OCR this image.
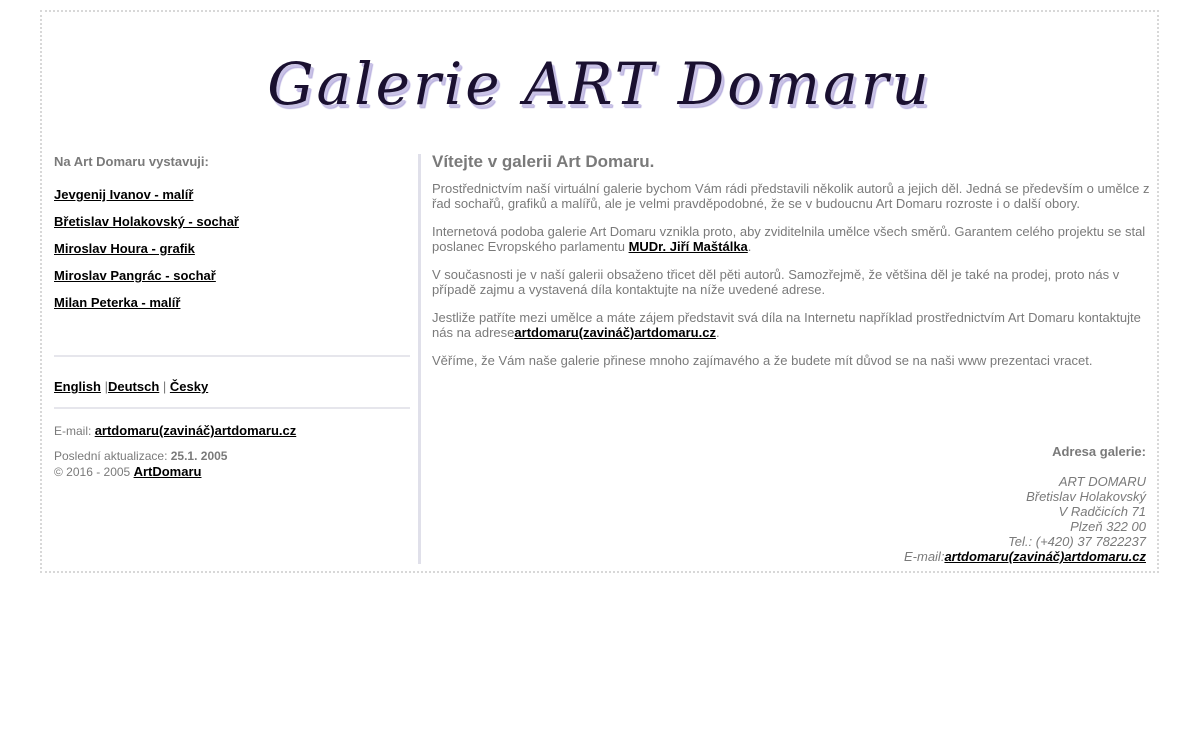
Galerie ART Domaru
Na Art Domaru vystavuji:
Jevgenij Ivanov - malíř
Břetislav Holakovský - sochař
Miroslav Houra - grafik
Miroslav Pangrác - sochař
Milan Peterka - malíř
English |Deutsch | Česky
E-mail: artdomaru(zavináč)artdomaru.cz
Poslední aktualizace: 25.1. 2005
© 2016 - 2005 ArtDomaru
Vítejte v galerii Art Domaru.

Prostřednictvím naší virtuální galerie bychom Vám rádi představili několik autorů a jejich děl. Jedná se především o umělce z řad sochařů, grafiků a malířů, ale je velmi pravděpodobné, že se v budoucnu Art Domaru rozroste i o další obory.

Internetová podoba galerie Art Domaru vznikla proto, aby zviditelnila umělce všech směrů. Garantem celého projektu se stal poslanec Evropského parlamentu MUDr. Jiří Maštálka.

V současnosti je v naší galerii obsaženo třicet děl pěti autorů. Samozřejmě, že většina děl je také na prodej, proto nás v případě zajmu a vystavená díla kontaktujte na níže uvedené adrese.

Jestliže patříte mezi umělce a máte zájem představit svá díla na Internetu například prostřednictvím Art Domaru kontaktujte nás na adreseartdomaru(zavináč)artdomaru.cz.

Věříme, že Vám naše galerie přinese mnoho zajímavého a že budete mít důvod se na naši www prezentaci vracet.

Adresa galerie:
ART DOMARU
Břetislav Holakovský
V Radčicích 71
Plzeň 322 00
Tel.: (+420) 37 7822237
E-mail:artdomaru(zavináč)artdomaru.cz
